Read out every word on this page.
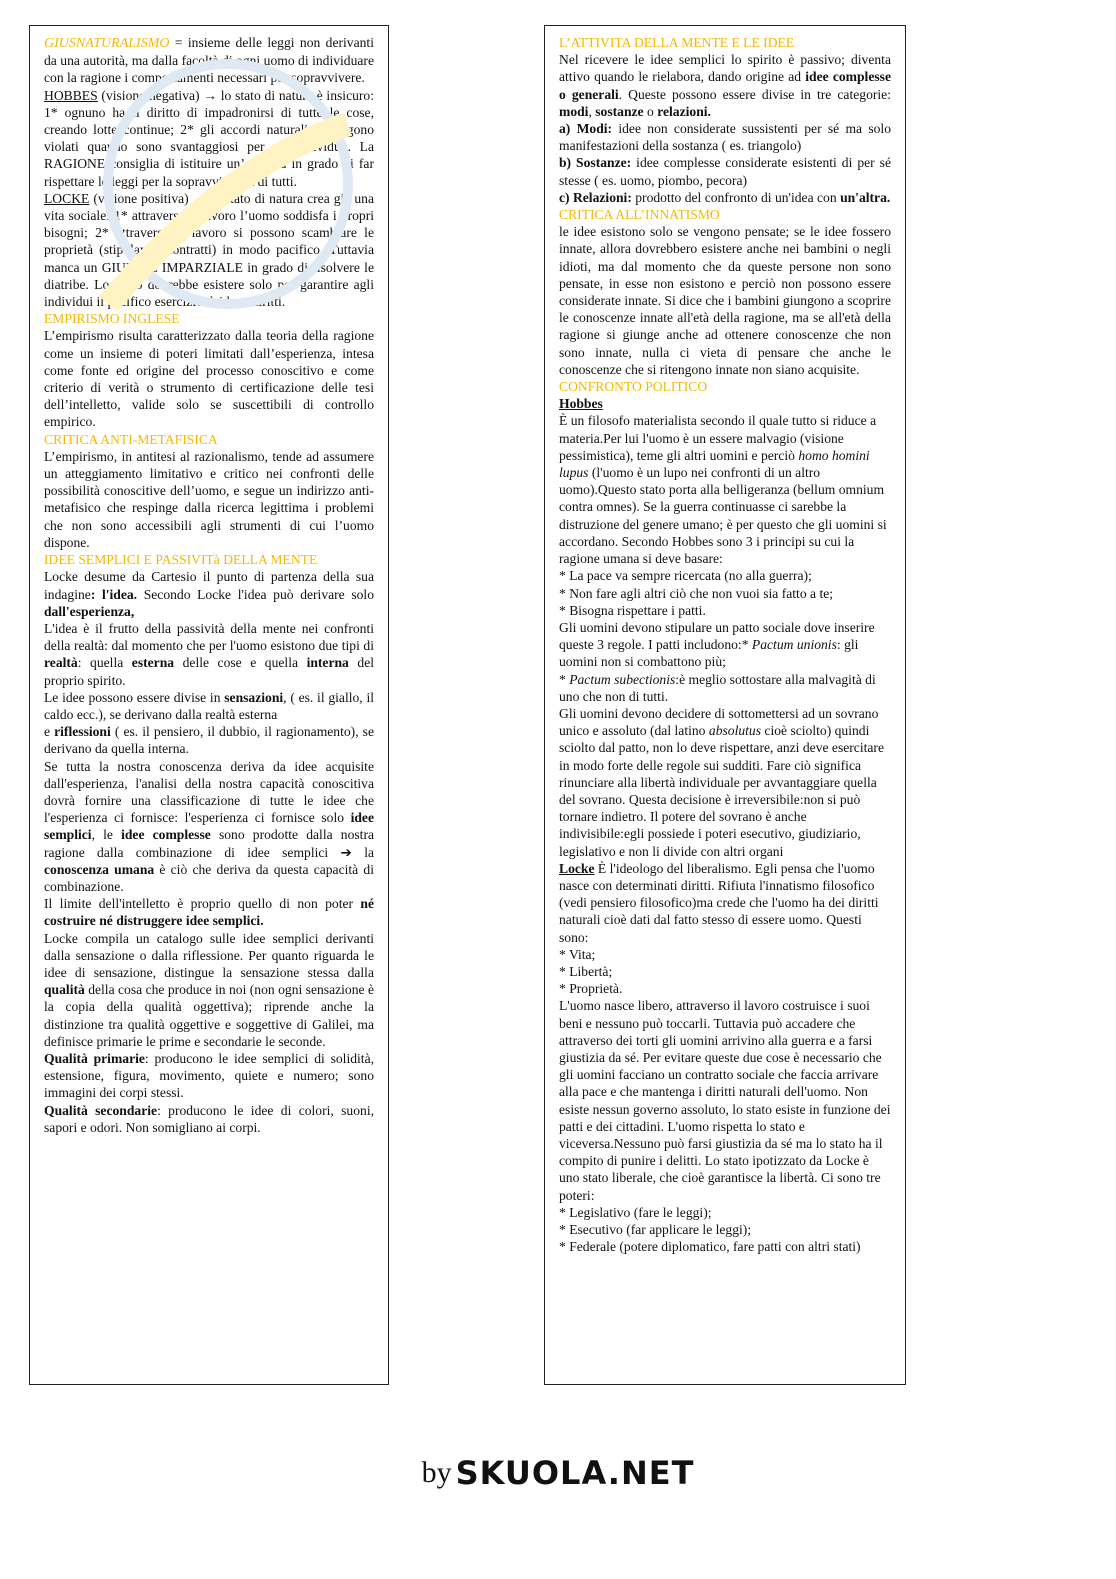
GIUSNATURALISMO = insieme delle leggi non derivanti da una autorità, ma dalla facoltà di ogni uomo di individuare con la ragione i comportamenti necessari per sopravvivere.

HOBBES (visione negativa) → lo stato di natura è insicuro: 1* ognuno ha il diritto di impadronirsi di tutte le cose, creando lotte continue; 2* gli accordi naturalisti vengono violati quando sono svantaggiosi per un individuo. La RAGIONE consiglia di istituire un’autorità in grado di far rispettare le leggi per la sopravvivenza di tutti.

LOCKE (visione positiva) → lo stato di natura crea già una vita sociale: 1* attraverso il lavoro l’uomo soddisfa i propri bisogni; 2* attraverso il lavoro si possono scambiare le proprietà (stipulando contratti) in modo pacifico. Tuttavia manca un GIUDICE IMPARZIALE in grado di risolvere le diatribe. Lo Stato dovrebbe esistere solo per garantire agli individui il pacifico esercizio dei loro diritti.

EMPIRISMO INGLESE

L’empirismo risulta caratterizzato dalla teoria della ragione come un insieme di poteri limitati dall’esperienza, intesa come fonte ed origine del processo conoscitivo e come criterio di verità o strumento di certificazione delle tesi dell’intelletto, valide solo se suscettibili di controllo empirico.

CRITICA ANTI-METAFISICA

L’empirismo, in antitesi al razionalismo, tende ad assumere un atteggiamento limitativo e critico nei confronti delle possibilità conoscitive dell’uomo, e segue un indirizzo anti-metafisico che respinge dalla ricerca legittima i problemi che non sono accessibili agli strumenti di cui l’uomo dispone.

IDEE SEMPLICI E PASSIVITà DELLA MENTE

Locke desume da Cartesio il punto di partenza della sua indagine: l'idea. Secondo Locke l'idea può derivare solo dall'esperienza,

L'idea è il frutto della passività della mente nei confronti della realtà: dal momento che per l'uomo esistono due tipi di realtà: quella esterna delle cose e quella interna del proprio spirito.

Le idee possono essere divise in sensazioni, ( es. il giallo, il caldo ecc.), se derivano dalla realtà esterna
e riflessioni ( es. il pensiero, il dubbio, il ragionamento), se derivano da quella interna.

Se tutta la nostra conoscenza deriva da idee acquisite dall'esperienza, l'analisi della nostra capacità conoscitiva dovrà fornire una classificazione di tutte le idee che l'esperienza ci fornisce: l'esperienza ci fornisce solo idee semplici, le idee complesse sono prodotte dalla nostra ragione dalla combinazione di idee semplici ➔ la conoscenza umana è ciò che deriva da questa capacità di combinazione.

Il limite dell'intelletto è proprio quello di non poter né costruire né distruggere idee semplici.

Locke compila un catalogo sulle idee semplici derivanti dalla sensazione o dalla riflessione. Per quanto riguarda le idee di sensazione, distingue la sensazione stessa dalla qualità della cosa che produce in noi (non ogni sensazione è la copia della qualità oggettiva); riprende anche la distinzione tra qualità oggettive e soggettive di Galilei, ma definisce primarie le prime e secondarie le seconde.

Qualità primarie: producono le idee semplici di solidità, estensione, figura, movimento, quiete e numero; sono immagini dei corpi stessi.

Qualità secondarie: producono le idee di colori, suoni, sapori e odori. Non somigliano ai corpi.

L’ATTIVITA DELLA MENTE E LE IDEE

Nel ricevere le idee semplici lo spirito è passivo; diventa attivo quando le rielabora, dando origine ad idee complesse o generali. Queste possono essere divise in tre categorie: modi, sostanze o relazioni.

a) Modi: idee non considerate sussistenti per sé ma solo manifestazioni della sostanza ( es. triangolo)

b) Sostanze: idee complesse considerate esistenti di per sé stesse ( es. uomo, piombo, pecora)

c) Relazioni: prodotto del confronto di un'idea con un'altra.

CRITICA ALL’INNATISMO

le idee esistono solo se vengono pensate; se le idee fossero innate, allora dovrebbero esistere anche nei bambini o negli idioti, ma dal momento che da queste persone non sono pensate, in esse non esistono e perciò non possono essere considerate innate. Si dice che i bambini giungono a scoprire le conoscenze innate all'età della ragione, ma se all'età della ragione si giunge anche ad ottenere conoscenze che non sono innate, nulla ci vieta di pensare che anche le conoscenze che si ritengono innate non siano acquisite.

CONFRONTO POLITICO

Hobbes

È un filosofo materialista secondo il quale tutto si riduce a materia.Per lui l'uomo è un essere malvagio (visione pessimistica), teme gli altri uomini e perciò homo homini lupus (l'uomo è un lupo nei confronti di un altro uomo).Questo stato porta alla belligeranza (bellum omnium contra omnes). Se la guerra continuasse ci sarebbe la distruzione del genere umano; è per questo che gli uomini si accordano. Secondo Hobbes sono 3 i principi su cui la ragione umana si deve basare:

* La pace va sempre ricercata (no alla guerra);

* Non fare agli altri ciò che non vuoi sia fatto a te;

* Bisogna rispettare i patti.

Gli uomini devono stipulare un patto sociale dove inserire queste 3 regole. I patti includono:* Pactum unionis: gli uomini non si combattono più;

* Pactum subectionis:è meglio sottostare alla malvagità di uno che non di tutti.

Gli uomini devono decidere di sottomettersi ad un sovrano unico e assoluto (dal latino absolutus cioè sciolto) quindi sciolto dal patto, non lo deve rispettare, anzi deve esercitare in modo forte delle regole sui sudditi. Fare ciò significa rinunciare alla libertà individuale per avvantaggiare quella del sovrano. Questa decisione è irreversibile:non si può tornare indietro. Il potere del sovrano è anche indivisibile:egli possiede i poteri esecutivo, giudiziario, legislativo e non li divide con altri organi

Locke È l'ideologo del liberalismo. Egli pensa che l'uomo nasce con determinati diritti. Rifiuta l'innatismo filosofico (vedi pensiero filosofico)ma crede che l'uomo ha dei diritti naturali cioè dati dal fatto stesso di essere uomo. Questi sono:

* Vita;

* Libertà;

* Proprietà.

L'uomo nasce libero, attraverso il lavoro costruisce i suoi beni e nessuno può toccarli. Tuttavia può accadere che attraverso dei torti gli uomini arrivino alla guerra e a farsi giustizia da sé. Per evitare queste due cose è necessario che gli uomini facciano un contratto sociale che faccia arrivare alla pace e che mantenga i diritti naturali dell'uomo. Non esiste nessun governo assoluto, lo stato esiste in funzione dei patti e dei cittadini. L'uomo rispetta lo stato e viceversa.Nessuno può farsi giustizia da sé ma lo stato ha il compito di punire i delitti. Lo stato ipotizzato da Locke è uno stato liberale, che cioè garantisce la libertà. Ci sono tre poteri:

* Legislativo (fare le leggi);

* Esecutivo (far applicare le leggi);

* Federale (potere diplomatico, fare patti con altri stati)

by SKUOLA.NET
